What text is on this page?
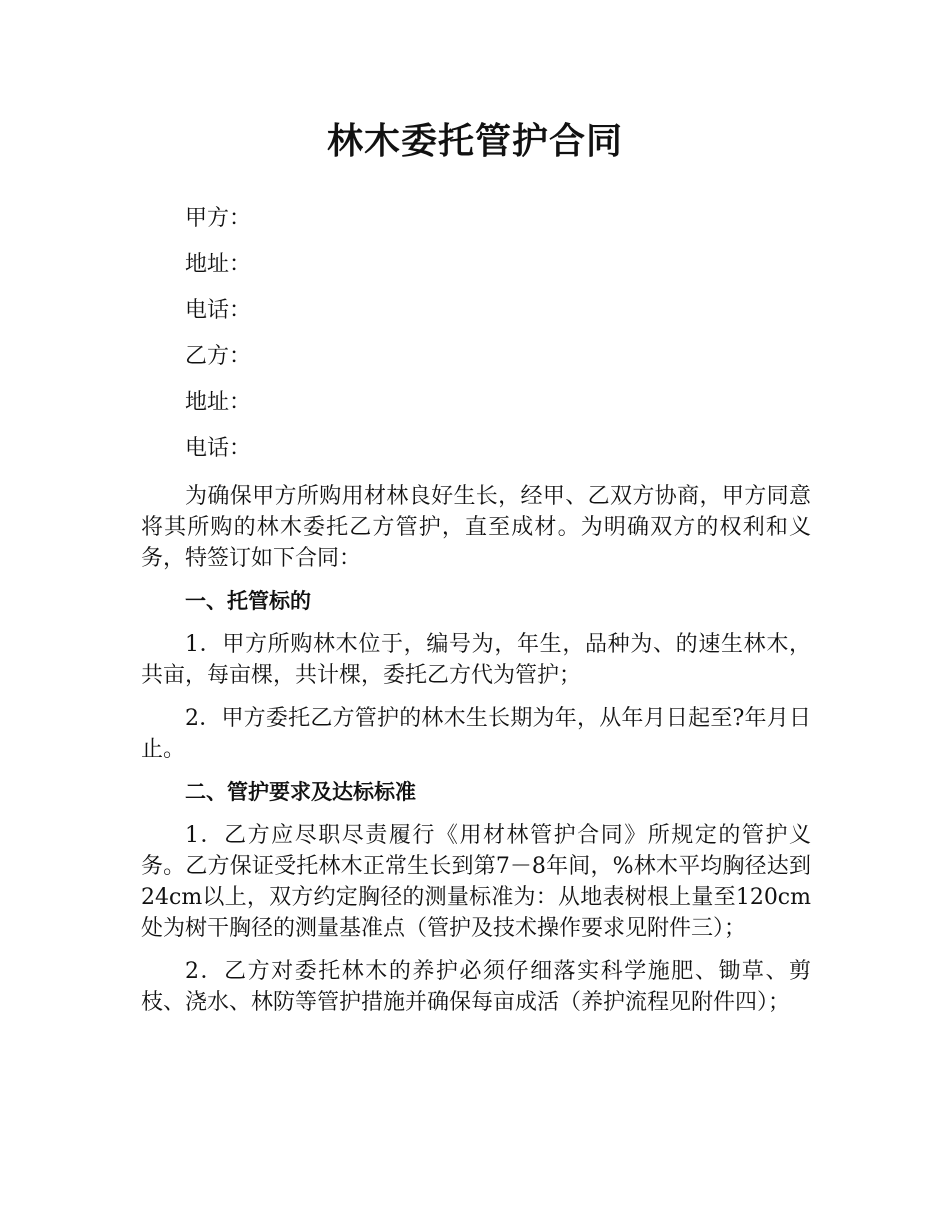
林木委托管护合同

甲方：

地址：

电话：

乙方：

地址：

电话：

为确保甲方所购用材林良好生长，经甲、乙双方协商，甲方同意将其所购的林木委托乙方管护，直至成材。为明确双方的权利和义务，特签订如下合同：

一、托管标的

1．甲方所购林木位于，编号为，年生，品种为、的速生林木，共亩，每亩棵，共计棵，委托乙方代为管护；

2．甲方委托乙方管护的林木生长期为年，从年月日起至?年月日止。

二、管护要求及达标标准

1．乙方应尽职尽责履行《用材林管护合同》所规定的管护义务。乙方保证受托林木正常生长到第7－8年间，%林木平均胸径达到24cm以上，双方约定胸径的测量标准为：从地表树根上量至120cm处为树干胸径的测量基准点（管护及技术操作要求见附件三）；

2．乙方对委托林木的养护必须仔细落实科学施肥、锄草、剪枝、浇水、林防等管护措施并确保每亩成活（养护流程见附件四）；
